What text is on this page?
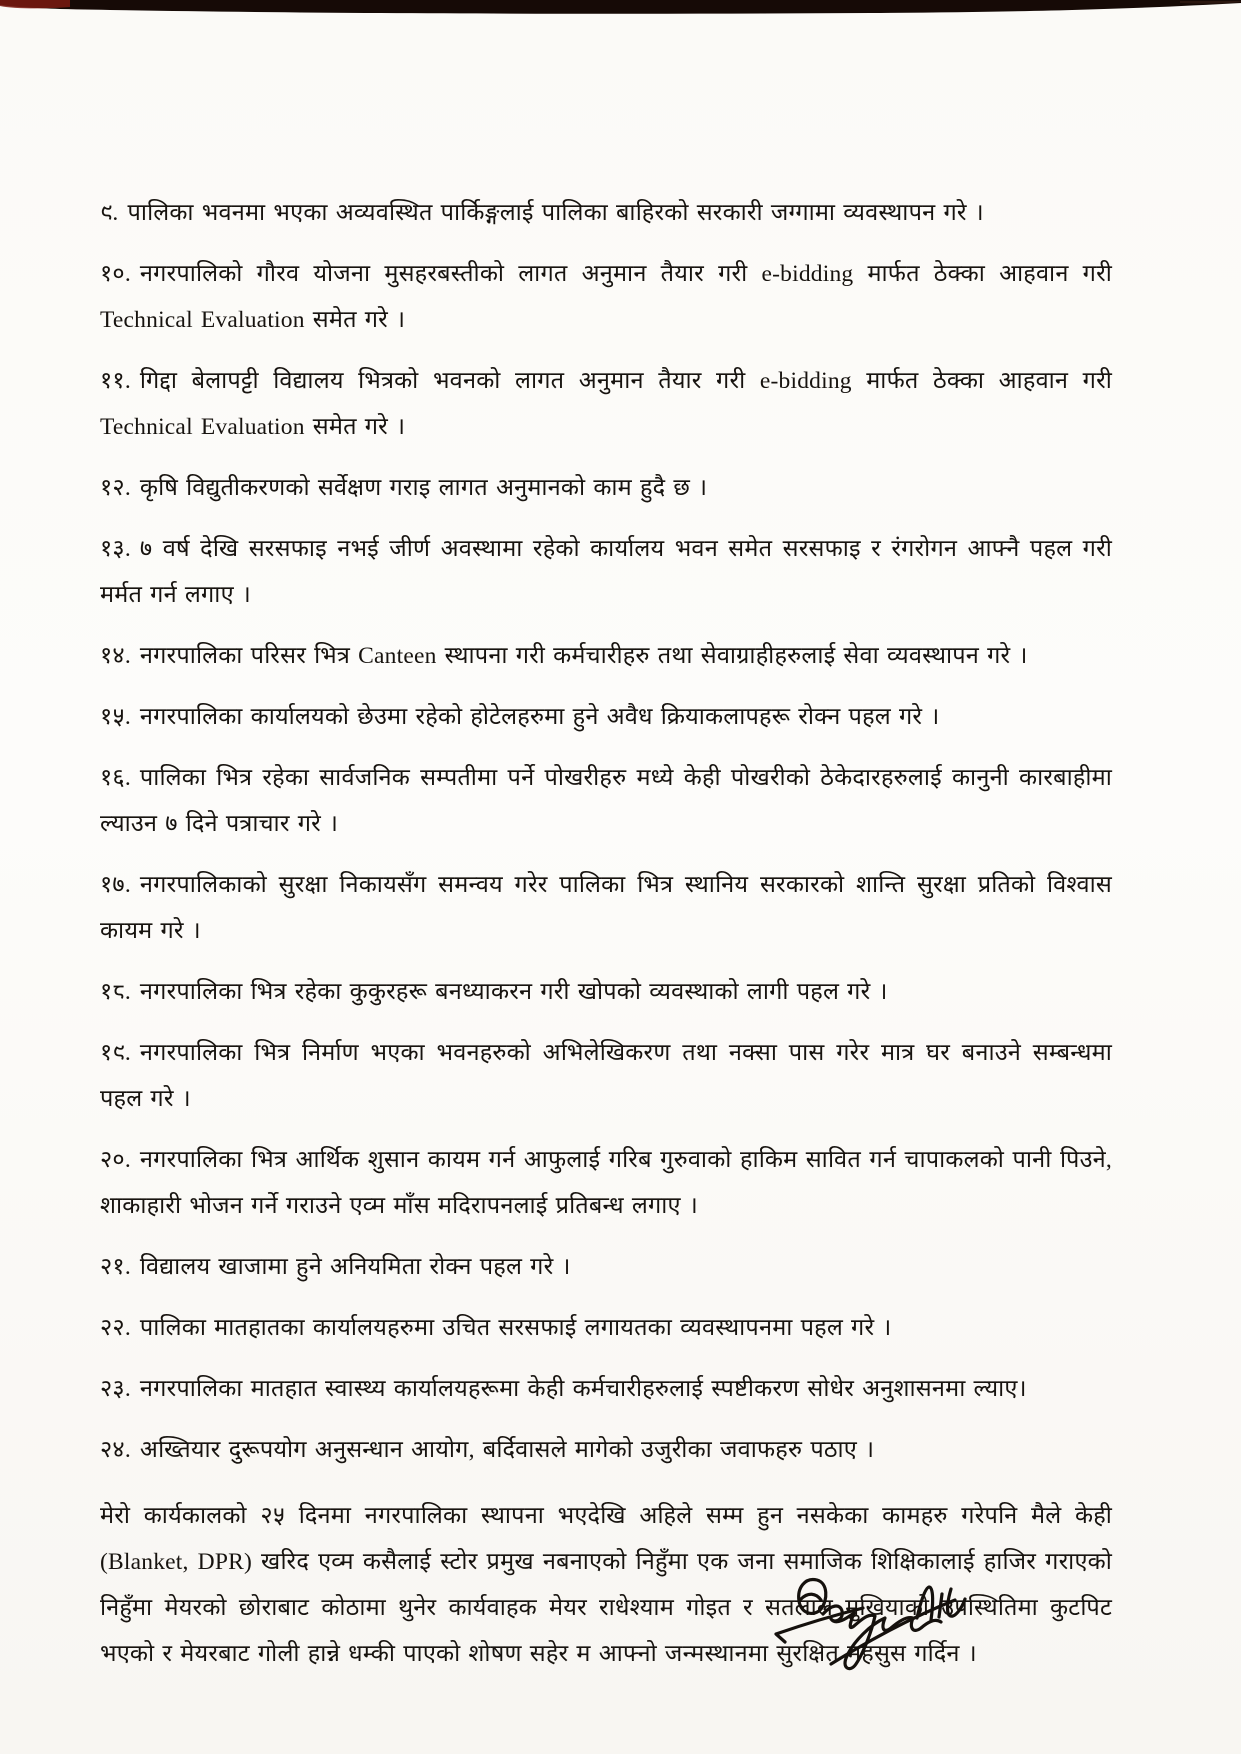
९. पालिका भवनमा भएका अव्यवस्थित पार्किङ्गलाई पालिका बाहिरको सरकारी जग्गामा व्यवस्थापन गरे ।

१०. नगरपालिको गौरव योजना मुसहरबस्तीको लागत अनुमान तैयार गरी e-bidding मार्फत ठेक्का आहवान गरी Technical Evaluation समेत गरे ।

११. गिद्दा बेलापट्टी विद्यालय भित्रको भवनको लागत अनुमान तैयार गरी e-bidding मार्फत ठेक्का आहवान गरी Technical Evaluation समेत गरे ।

१२. कृषि विद्युतीकरणको सर्वेक्षण गराइ लागत अनुमानको काम हुदै छ ।

१३. ७ वर्ष देखि सरसफाइ नभई जीर्ण अवस्थामा रहेको कार्यालय भवन समेत सरसफाइ र रंगरोगन आफ्नै पहल गरी मर्मत गर्न लगाए ।

१४. नगरपालिका परिसर भित्र Canteen स्थापना गरी कर्मचारीहरु तथा सेवाग्राहीहरुलाई सेवा व्यवस्थापन गरे ।

१५. नगरपालिका कार्यालयको छेउमा रहेको होटेलहरुमा हुने अवैध क्रियाकलापहरू रोक्न पहल गरे ।

१६. पालिका भित्र रहेका सार्वजनिक सम्पतीमा पर्ने पोखरीहरु मध्ये केही पोखरीको ठेकेदारहरुलाई कानुनी कारबाहीमा ल्याउन ७ दिने पत्राचार गरे ।

१७. नगरपालिकाको सुरक्षा निकायसँग समन्वय गरेर पालिका भित्र स्थानिय सरकारको शान्ति सुरक्षा प्रतिको विश्वास कायम गरे ।

१८. नगरपालिका भित्र रहेका कुकुरहरू बनध्याकरन गरी खोपको व्यवस्थाको लागी पहल गरे ।

१९. नगरपालिका भित्र निर्माण भएका भवनहरुको अभिलेखिकरण तथा नक्सा पास गरेर मात्र घर बनाउने सम्बन्धमा पहल गरे ।

२०. नगरपालिका भित्र आर्थिक शुसान कायम गर्न आफुलाई गरिब गुरुवाको हाकिम सावित गर्न चापाकलको पानी पिउने, शाकाहारी भोजन गर्ने गराउने एव्म माँस मदिरापनलाई प्रतिबन्ध लगाए ।

२१. विद्यालय खाजामा हुने अनियमिता रोक्न पहल गरे ।

२२. पालिका मातहातका कार्यालयहरुमा उचित सरसफाई लगायतका व्यवस्थापनमा पहल गरे ।

२३. नगरपालिका मातहात स्वास्थ्य कार्यालयहरूमा केही कर्मचारीहरुलाई स्पष्टीकरण सोधेर अनुशासनमा ल्याए।

२४. अख्तियार दुरूपयोग अनुसन्धान आयोग, बर्दिवासले मागेको उजुरीका जवाफहरु पठाए ।

मेरो कार्यकालको २५ दिनमा नगरपालिका स्थापना भएदेखि अहिले सम्म हुन नसकेका कामहरु गरेपनि मैले केही (Blanket, DPR) खरिद एव्म कसैलाई स्टोर प्रमुख नबनाएको निहुँमा एक जना समाजिक शिक्षिकालाई हाजिर गराएको निहुँमा मेयरको छोराबाट कोठामा थुनेर कार्यवाहक मेयर राधेश्याम गोइत र सतलाल मुखियाको उपस्थितिमा कुटपिट भएको र मेयरबाट गोली हान्ने धम्की पाएको शोषण सहेर म आफ्नो जन्मस्थानमा सुरक्षित महसुस गर्दिन ।
